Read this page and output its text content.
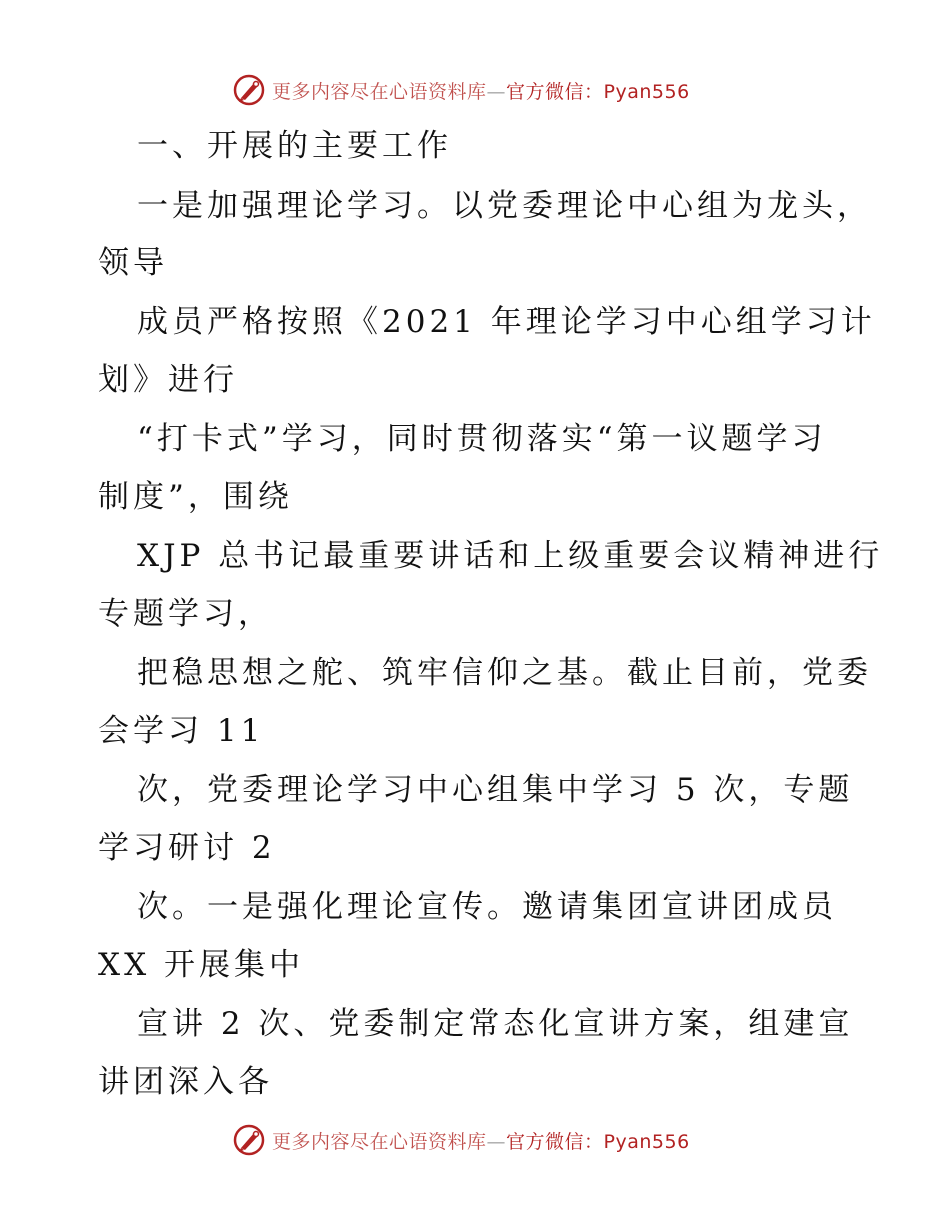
更多内容尽在心语资料库—官方微信：Pyan556
一、开展的主要工作
一是加强理论学习。以党委理论中心组为龙头，
领导
成员严格按照《2021 年理论学习中心组学习计
划》进行
“打卡式”学习，同时贯彻落实“第一议题学习
制度”，围绕
XJP 总书记最重要讲话和上级重要会议精神进行
专题学习，
把稳思想之舵、筑牢信仰之基。截止目前，党委
会学习 11
次，党委理论学习中心组集中学习 5 次，专题
学习研讨 2
次。一是强化理论宣传。邀请集团宣讲团成员
XX 开展集中
宣讲 2 次、党委制定常态化宣讲方案，组建宣
讲团深入各
更多内容尽在心语资料库—官方微信：Pyan556
